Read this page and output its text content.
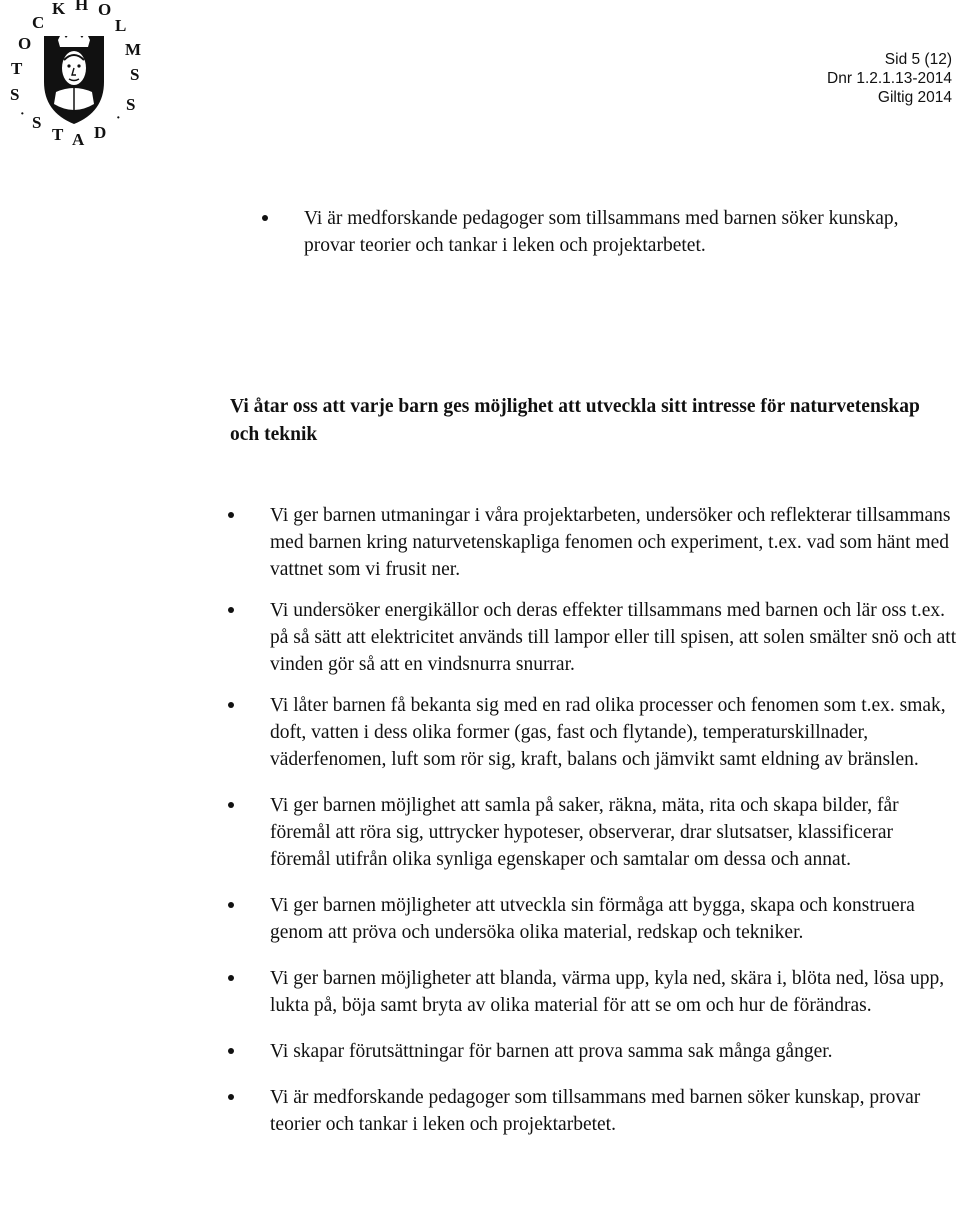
S
T
O
C
K H O
L
M
S
· S
T A D
·
S
Sid 5 (12)
Dnr 1.2.1.13-2014
Giltig 2014
Vi är medforskande pedagoger som tillsammans med barnen söker kunskap, provar teorier och tankar i leken och projektarbetet.
Vi åtar oss att varje barn ges möjlighet att utveckla sitt intresse för naturvetenskap och teknik
Vi ger barnen utmaningar i våra projektarbeten, undersöker och reflekterar tillsammans med barnen kring naturvetenskapliga fenomen och experiment, t.ex. vad som hänt med vattnet som vi frusit ner.
Vi undersöker energikällor och deras effekter tillsammans med barnen och lär oss t.ex. på så sätt att elektricitet används till lampor eller till spisen, att solen smälter snö och att vinden gör så att en vindsnurra snurrar.
Vi låter barnen få bekanta sig med en rad olika processer och fenomen som t.ex. smak, doft, vatten i dess olika former (gas, fast och flytande), temperaturskillnader, väderfenomen, luft som rör sig, kraft, balans och jämvikt samt eldning av bränslen.
Vi ger barnen möjlighet att samla på saker, räkna, mäta, rita och skapa bilder, får föremål att röra sig, uttrycker hypoteser, observerar, drar slutsatser, klassificerar föremål utifrån olika synliga egenskaper och samtalar om dessa och annat.
Vi ger barnen möjligheter att utveckla sin förmåga att bygga, skapa och konstruera genom att pröva och undersöka olika material, redskap och tekniker.
Vi ger barnen möjligheter att blanda, värma upp, kyla ned, skära i, blöta ned, lösa upp, lukta på, böja samt bryta av olika material för att se om och hur de förändras.
Vi skapar förutsättningar för barnen att prova samma sak många gånger.
Vi är medforskande pedagoger som tillsammans med barnen söker kunskap, provar teorier och tankar i leken och projektarbetet.
